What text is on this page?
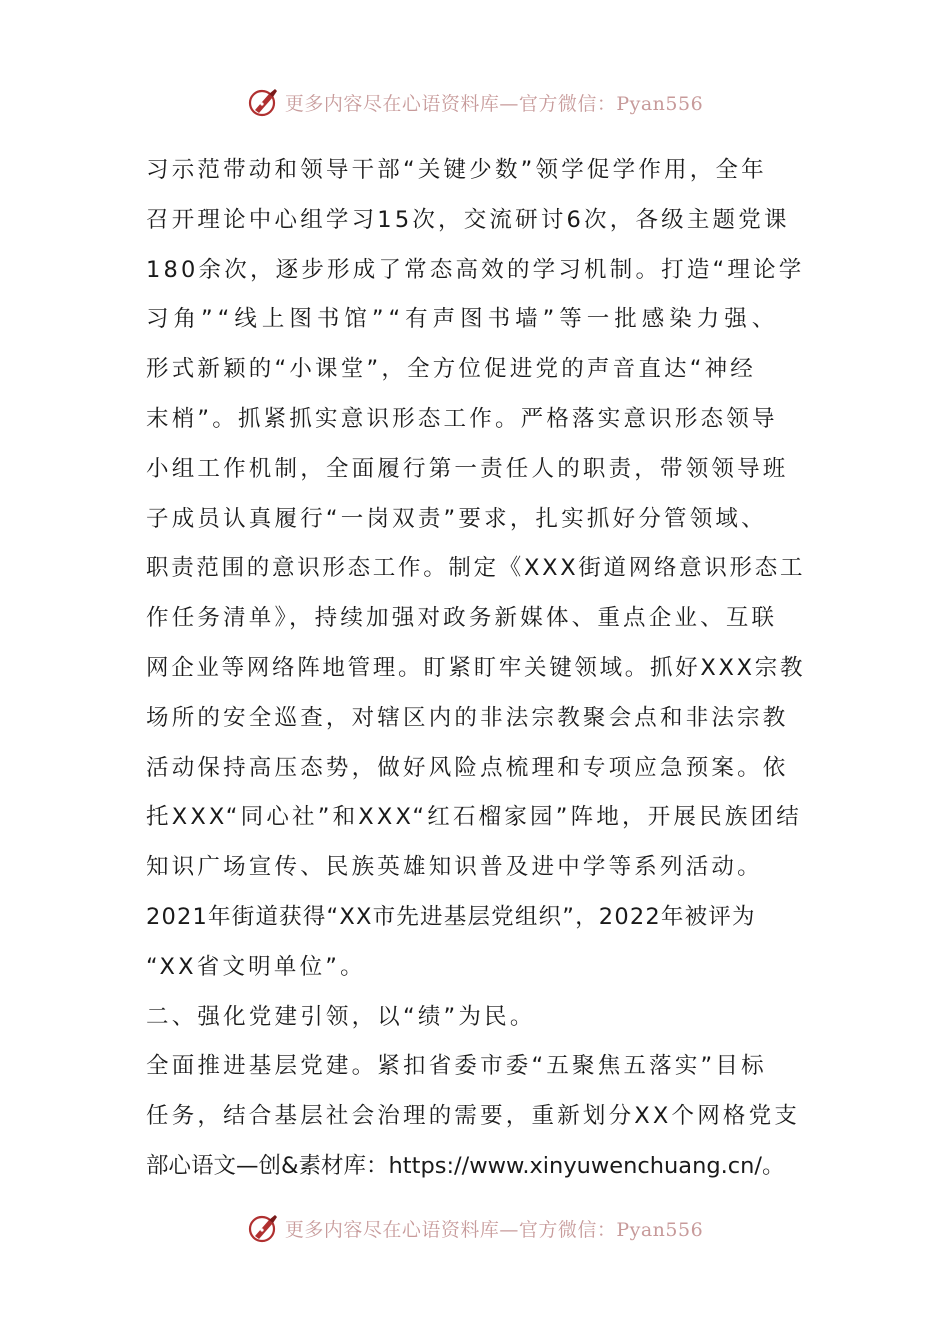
更多内容尽在心语资料库—官方微信：Pyan556
习示范带动和领导干部“关键少数”领学促学作用，全年
召开理论中心组学习15次，交流研讨6次，各级主题党课
180余次，逐步形成了常态高效的学习机制。打造“理论学
习角”“线上图书馆”“有声图书墙”等一批感染力强、
形式新颖的“小课堂”，全方位促进党的声音直达“神经
末梢”。抓紧抓实意识形态工作。严格落实意识形态领导
小组工作机制，全面履行第一责任人的职责，带领领导班
子成员认真履行“一岗双责”要求，扎实抓好分管领域、
职责范围的意识形态工作。制定《XXX街道网络意识形态工
作任务清单》，持续加强对政务新媒体、重点企业、互联
网企业等网络阵地管理。盯紧盯牢关键领域。抓好XXX宗教
场所的安全巡查，对辖区内的非法宗教聚会点和非法宗教
活动保持高压态势，做好风险点梳理和专项应急预案。依
托XXX“同心社”和XXX“红石榴家园”阵地，开展民族团结
知识广场宣传、民族英雄知识普及进中学等系列活动。
2021年街道获得“XX市先进基层党组织”，2022年被评为
“XX省文明单位”。
二、强化党建引领，以“绩”为民。
全面推进基层党建。紧扣省委市委“五聚焦五落实”目标
任务，结合基层社会治理的需要，重新划分XX个网格党支
部心语文—创&素材库：https://www.xinyuwenchuang.cn/。
更多内容尽在心语资料库—官方微信：Pyan556
